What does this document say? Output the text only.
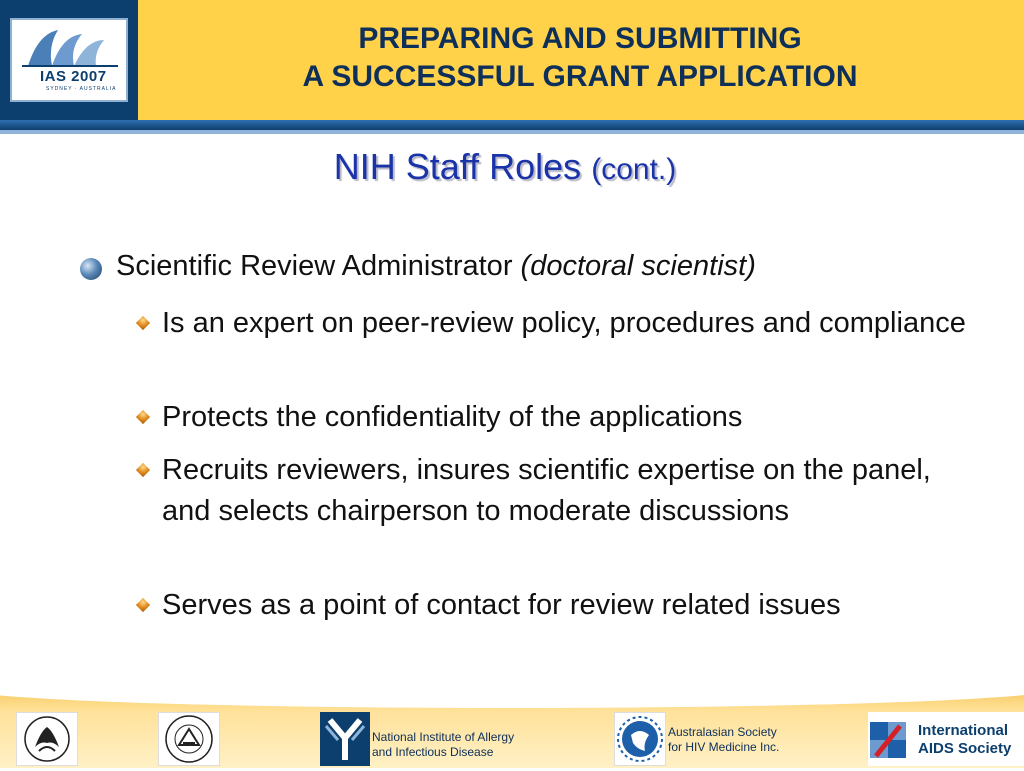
IAS 2007
SYDNEY · AUSTRALIA
PREPARING AND SUBMITTING
A SUCCESSFUL GRANT APPLICATION
NIH Staff Roles (cont.)
Scientific Review Administrator (doctoral scientist)
Is an expert on peer-review policy, procedures and compliance
Protects the confidentiality of the applications
Recruits reviewers, insures scientific expertise on the panel, and selects chairperson to moderate discussions
Serves as a point of contact for review related issues
National Institute of Allergy
and Infectious Disease
Australasian Society
for HIV Medicine Inc.
International
AIDS Society
